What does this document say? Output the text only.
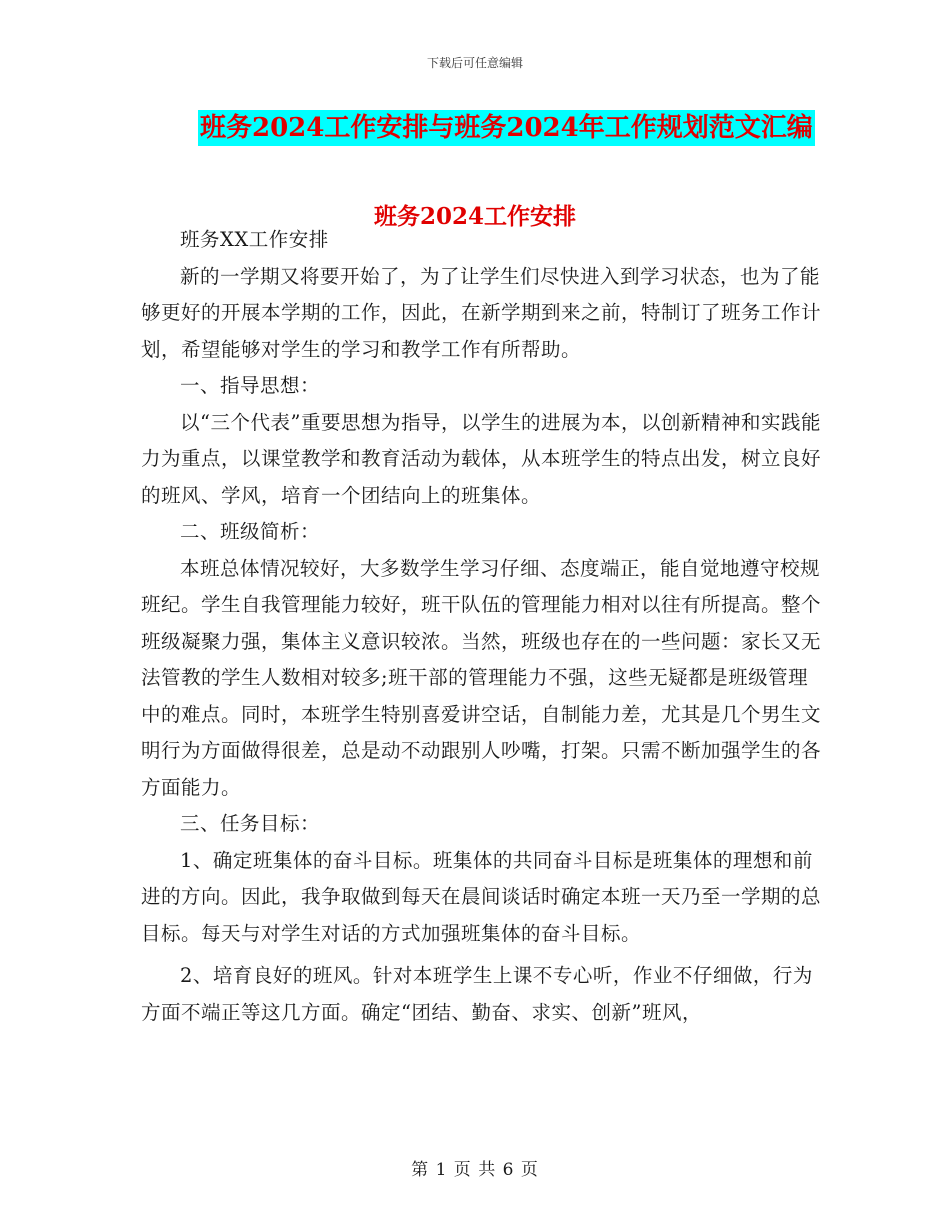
下载后可任意编辑
班务2024工作安排与班务2024年工作规划范文汇编
班务2024工作安排

班务XX工作安排

新的一学期又将要开始了，为了让学生们尽快进入到学习状态，也为了能够更好的开展本学期的工作，因此，在新学期到来之前，特制订了班务工作计划，希望能够对学生的学习和教学工作有所帮助。

一、指导思想：

以“三个代表”重要思想为指导，以学生的进展为本，以创新精神和实践能力为重点，以课堂教学和教育活动为载体，从本班学生的特点出发，树立良好的班风、学风，培育一个团结向上的班集体。

二、班级简析：

本班总体情况较好，大多数学生学习仔细、态度端正，能自觉地遵守校规班纪。学生自我管理能力较好，班干队伍的管理能力相对以往有所提高。整个班级凝聚力强，集体主义意识较浓。当然，班级也存在的一些问题：家长又无法管教的学生人数相对较多;班干部的管理能力不强，这些无疑都是班级管理中的难点。同时，本班学生特别喜爱讲空话，自制能力差，尤其是几个男生文明行为方面做得很差，总是动不动跟别人吵嘴，打架。只需不断加强学生的各方面能力。

三、任务目标：

1、确定班集体的奋斗目标。班集体的共同奋斗目标是班集体的理想和前进的方向。因此，我争取做到每天在晨间谈话时确定本班一天乃至一学期的总目标。每天与对学生对话的方式加强班集体的奋斗目标。

2、培育良好的班风。针对本班学生上课不专心听，作业不仔细做，行为方面不端正等这几方面。确定“团结、勤奋、求实、创新”班风，

第 1 页 共 6 页
